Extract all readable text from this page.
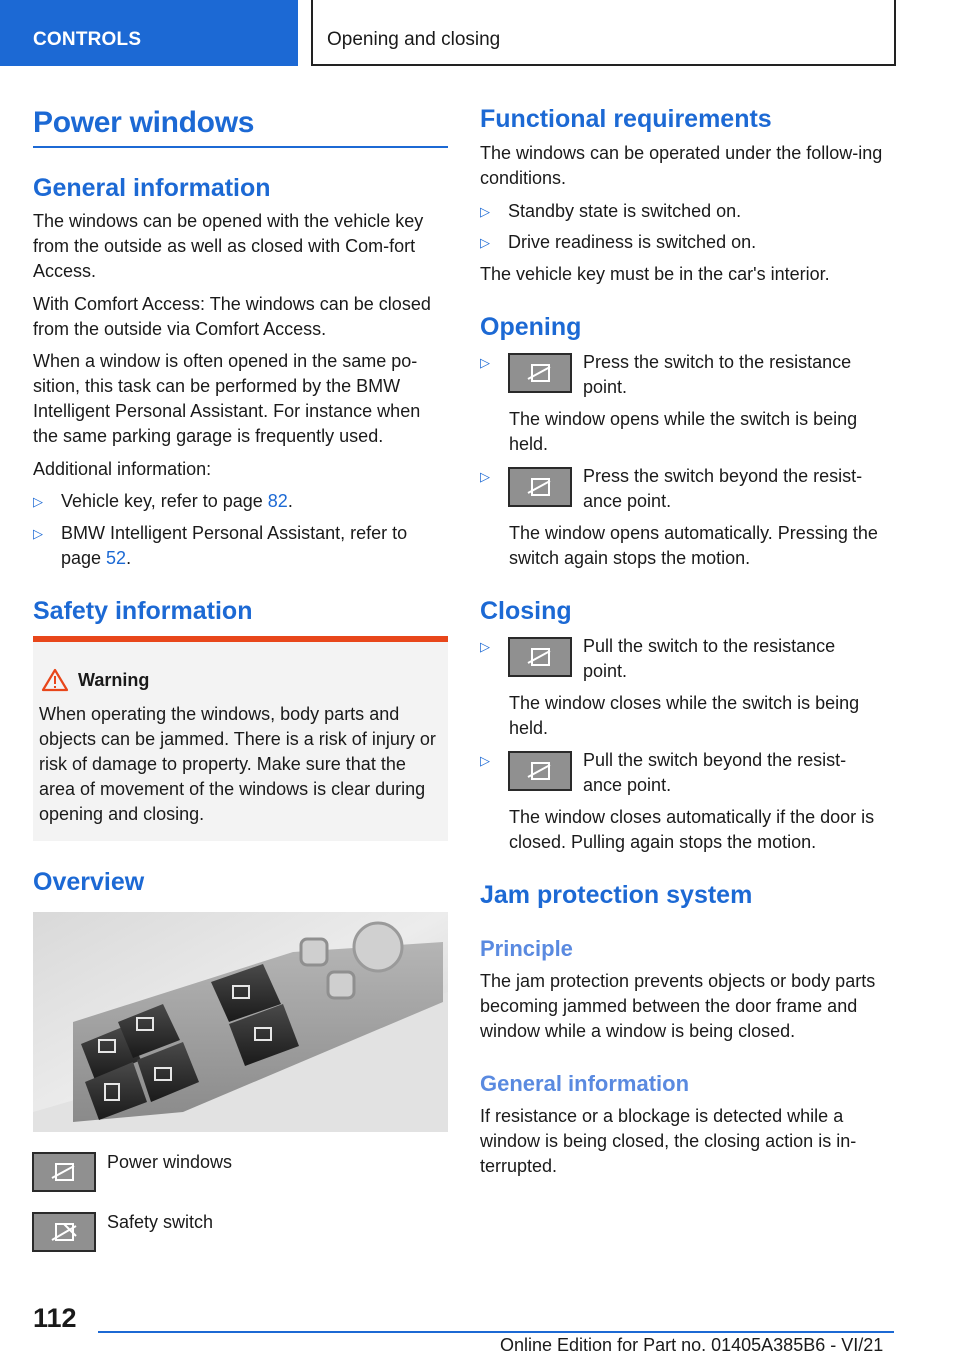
CONTROLS	Opening and closing
Power windows
General information

The windows can be opened with the vehicle key from the outside as well as closed with Com-fort Access.

With Comfort Access: The windows can be closed from the outside via Comfort Access.

When a window is often opened in the same po-sition, this task can be performed by the BMW Intelligent Personal Assistant. For instance when the same parking garage is frequently used.

Additional information:

▷ Vehicle key, refer to page 82.
▷ BMW Intelligent Personal Assistant, refer to page 52.
Safety information
Warning
When operating the windows, body parts and objects can be jammed. There is a risk of injury or risk of damage to property. Make sure that the area of movement of the windows is clear during opening and closing.
Overview

Power windows

Safety switch

Functional requirements

The windows can be operated under the follow-ing conditions.

▷ Standby state is switched on.
▷ Drive readiness is switched on.

The vehicle key must be in the car's interior.

Opening
▷	Press the switch to the resistance point.

The window opens while the switch is being held.

▷	Press the switch beyond the resist-ance point.

The window opens automatically. Pressing the switch again stops the motion.

Closing
▷	Pull the switch to the resistance point.

The window closes while the switch is being held.

▷	Pull the switch beyond the resist-ance point.

The window closes automatically if the door is closed. Pulling again stops the motion.

Jam protection system
Principle

The jam protection prevents objects or body parts becoming jammed between the door frame and window while a window is being closed.

General information

If resistance or a blockage is detected while a window is being closed, the closing action is in-terrupted.

112
Online Edition for Part no. 01405A385B6 - VI/21
